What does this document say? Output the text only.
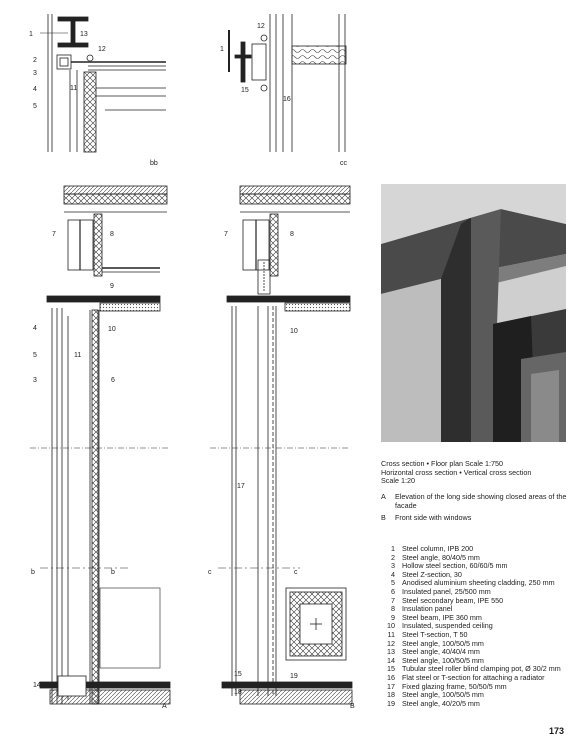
1	13
2
12
3
4	11
5
bb
1
12
15
16
cc
7	8
9
4	10
5	11
3	6
14
b	b
A
7	8
10
17
15	19
18
c	c
B

Cross section • Floor plan Scale 1:750

Horizontal cross section • Vertical cross section

Scale 1:20

A	Elevation of the long side showing closed areas of the facade
B	Front side with windows
1 Steel column, IPB 200
2 Steel angle, 80/40/5 mm
3 Hollow steel section, 60/60/5 mm
4 Steel Z-section, 30
5 Anodised aluminium sheeting cladding, 250 mm
6 Insulated panel, 25/500 mm
7 Steel secondary beam, IPE 550
8 Insulation panel
9 Steel beam, IPE 360 mm
10 Insulated, suspended ceiling
11 Steel T-section, T 50
12 Steel angle, 100/50/5 mm
13 Steel angle, 40/40/4 mm
14 Steel angle, 100/50/5 mm
15 Tubular steel roller blind clamping pot, Ø 30/2 mm
16 Flat steel or T-section for attaching a radiator
17 Fixed glazing frame, 50/50/5 mm
18 Steel angle, 100/50/5 mm
19 Steel angle, 40/20/5 mm
173
